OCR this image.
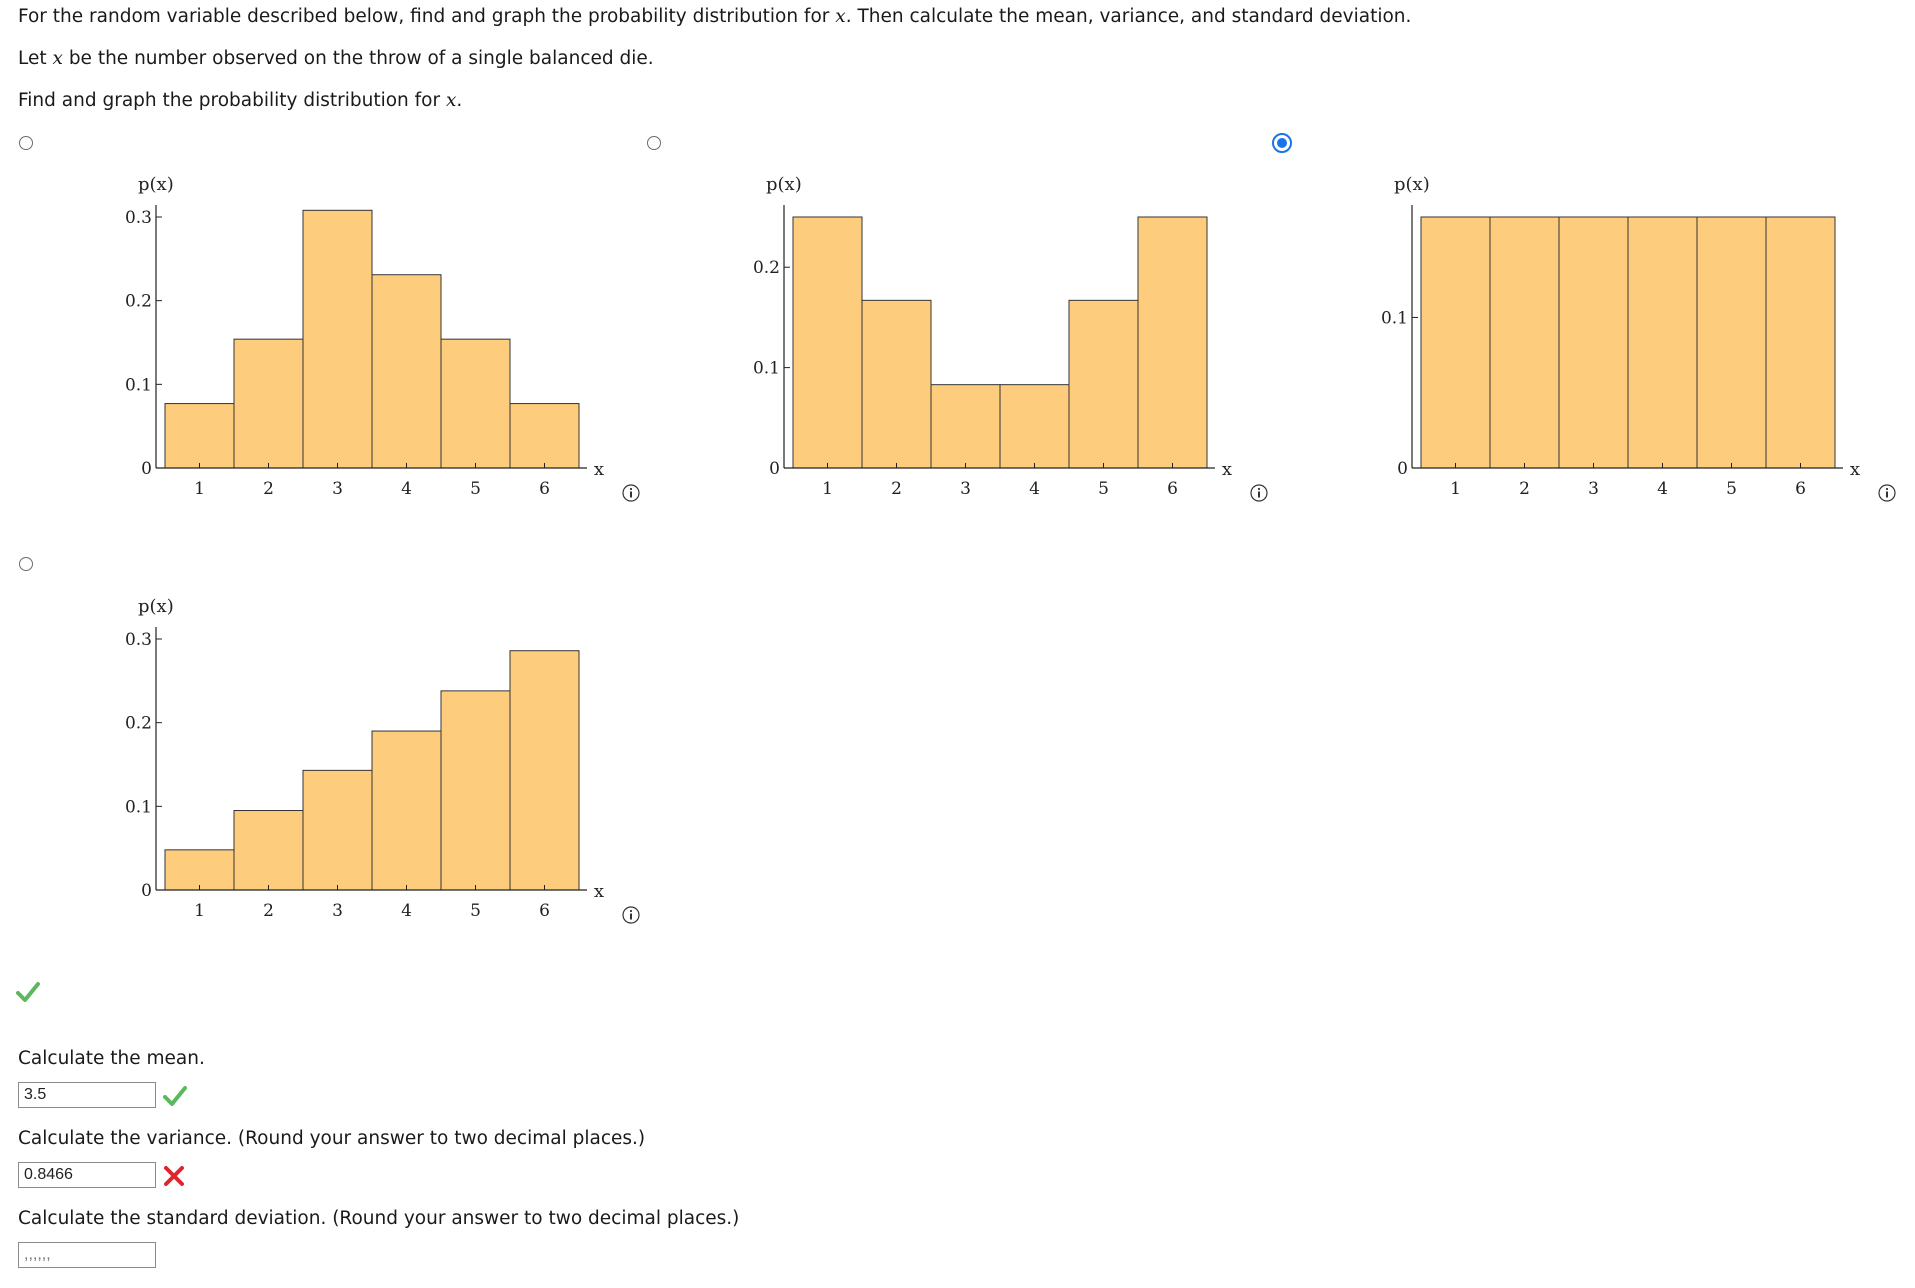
For the random variable described below, find and graph the probability distribution for x. Then calculate the mean, variance, and standard deviation.
Let x be the number observed on the throw of a single balanced die.
Find and graph the probability distribution for x.
p(x)
0
0.1
0.2
0.3
1	2	3	4	5	6
x
p(x)
0
0.1
0.2
1	2	3	4	5	6
x
p(x)
0
0.1
1	2	3	4	5	6
x
p(x)
0
0.1
0.2
0.3
1	2	3	4	5	6
x
Calculate the mean.
3.5
Calculate the variance. (Round your answer to two decimal places.)
0.8466
Calculate the standard deviation. (Round your answer to two decimal places.)
,,,,,,
